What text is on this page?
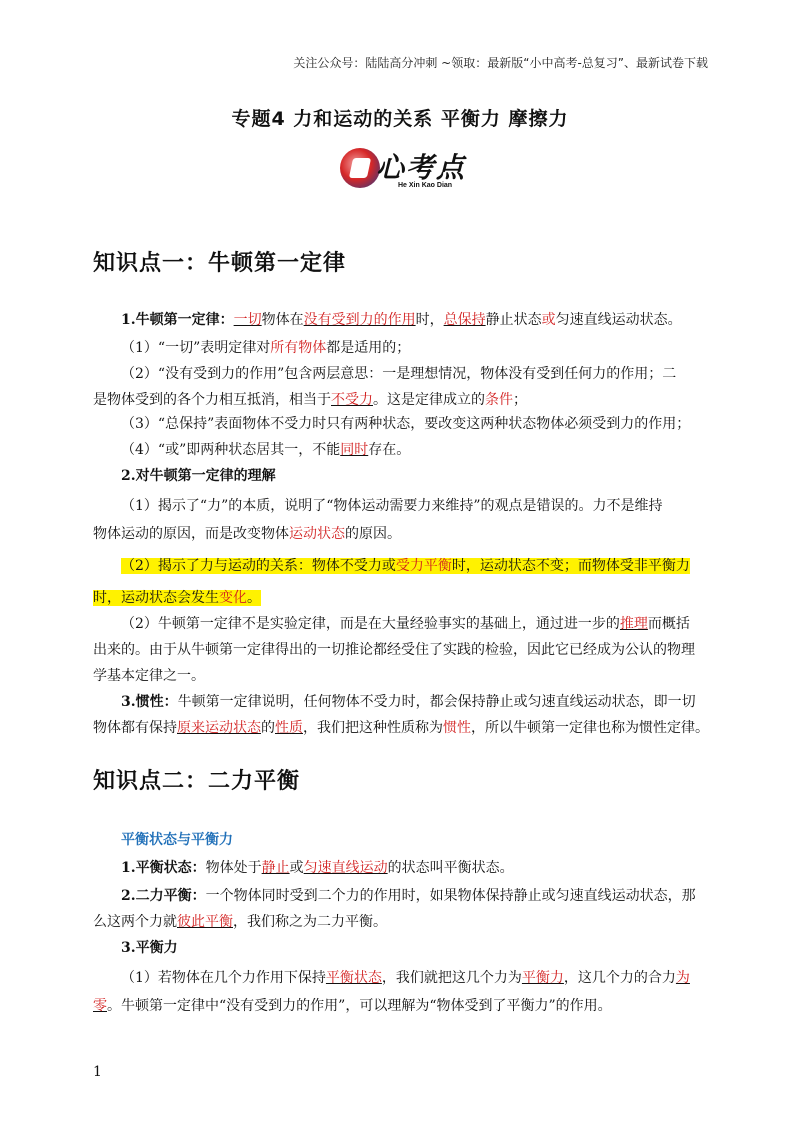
关注公众号：陆陆高分冲刺 ~领取：最新版“小中高考-总复习”、最新试卷下载
专题4 力和运动的关系 平衡力 摩擦力
心考点
He Xin Kao Dian
知识点一：牛顿第一定律
1.牛顿第一定律：一切物体在没有受到力的作用时，总保持静止状态或匀速直线运动状态。
（1）“一切”表明定律对所有物体都是适用的；
（2）“没有受到力的作用”包含两层意思：一是理想情况，物体没有受到任何力的作用；二
是物体受到的各个力相互抵消，相当于不受力。这是定律成立的条件；
（3）“总保持”表面物体不受力时只有两种状态，要改变这两种状态物体必须受到力的作用；
（4）“或”即两种状态居其一，不能同时存在。
2.对牛顿第一定律的理解
（1）揭示了“力”的本质，说明了“物体运动需要力来维持”的观点是错误的。力不是维持
物体运动的原因，而是改变物体运动状态的原因。
（2）揭示了力与运动的关系：物体不受力或受力平衡时，运动状态不变；而物体受非平衡力
时，运动状态会发生变化。
（2）牛顿第一定律不是实验定律，而是在大量经验事实的基础上，通过进一步的推理而概括
出来的。由于从牛顿第一定律得出的一切推论都经受住了实践的检验，因此它已经成为公认的物理
学基本定律之一。
3.惯性：牛顿第一定律说明，任何物体不受力时，都会保持静止或匀速直线运动状态，即一切
物体都有保持原来运动状态的性质，我们把这种性质称为惯性，所以牛顿第一定律也称为惯性定律。
知识点二：二力平衡
平衡状态与平衡力
1.平衡状态：物体处于静止或匀速直线运动的状态叫平衡状态。
2.二力平衡：一个物体同时受到二个力的作用时，如果物体保持静止或匀速直线运动状态，那
么这两个力就彼此平衡，我们称之为二力平衡。
3.平衡力
（1）若物体在几个力作用下保持平衡状态，我们就把这几个力为平衡力，这几个力的合力为
零。牛顿第一定律中“没有受到力的作用”，可以理解为“物体受到了平衡力”的作用。
1
